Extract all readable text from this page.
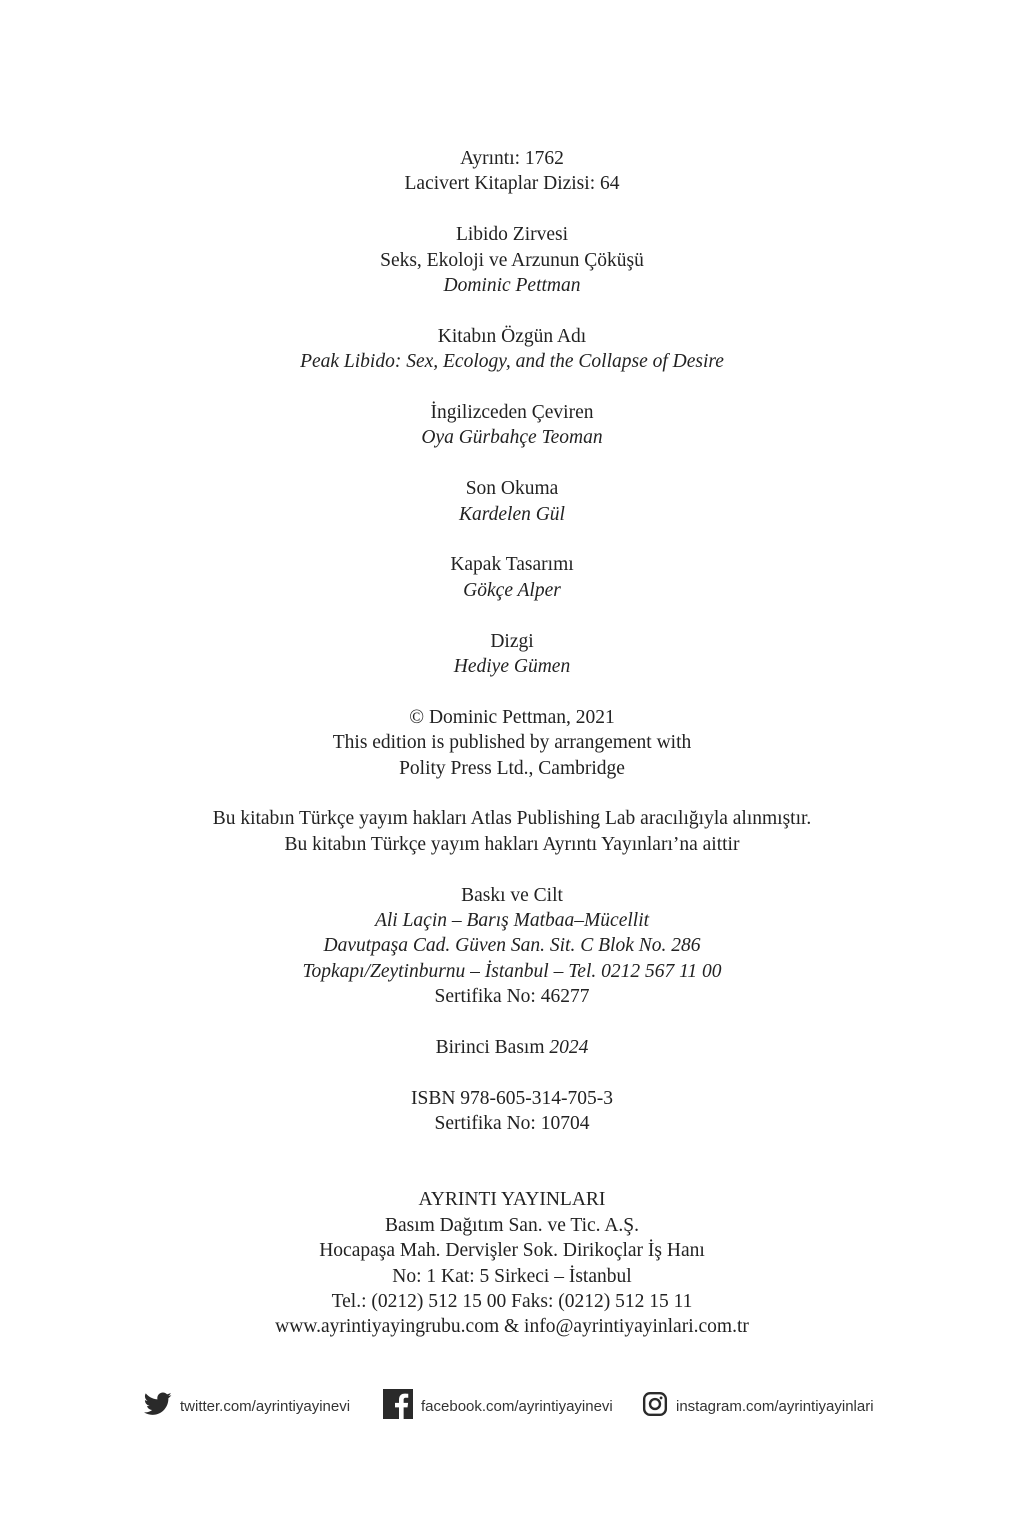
Ayrıntı: 1762
Lacivert Kitaplar Dizisi: 64
Libido Zirvesi
Seks, Ekoloji ve Arzunun Çöküşü
Dominic Pettman
Kitabın Özgün Adı
Peak Libido: Sex, Ecology, and the Collapse of Desire
İngilizceden Çeviren
Oya Gürbahçe Teoman
Son Okuma
Kardelen Gül
Kapak Tasarımı
Gökçe Alper
Dizgi
Hediye Gümen
© Dominic Pettman, 2021
This edition is published by arrangement with
Polity Press Ltd., Cambridge
Bu kitabın Türkçe yayım hakları Atlas Publishing Lab aracılığıyla alınmıştır.
Bu kitabın Türkçe yayım hakları Ayrıntı Yayınları’na aittir
Baskı ve Cilt
Ali Laçin – Barış Matbaa–Mücellit
Davutpaşa Cad. Güven San. Sit. C Blok No. 286
Topkapı/Zeytinburnu – İstanbul – Tel. 0212 567 11 00
Sertifika No: 46277
Birinci Basım 2024
ISBN 978-605-314-705-3
Sertifika No: 10704
AYRINTI YAYINLARI
Basım Dağıtım San. ve Tic. A.Ş.
Hocapaşa Mah. Dervişler Sok. Dirikoçlar İş Hanı
No: 1 Kat: 5 Sirkeci – İstanbul
Tel.: (0212) 512 15 00 Faks: (0212) 512 15 11
www.ayrintiyayingrubu.com & info@ayrintiyayinlari.com.tr
twitter.com/ayrintiyayinevi	facebook.com/ayrintiyayinevi	instagram.com/ayrintiyayinlari
